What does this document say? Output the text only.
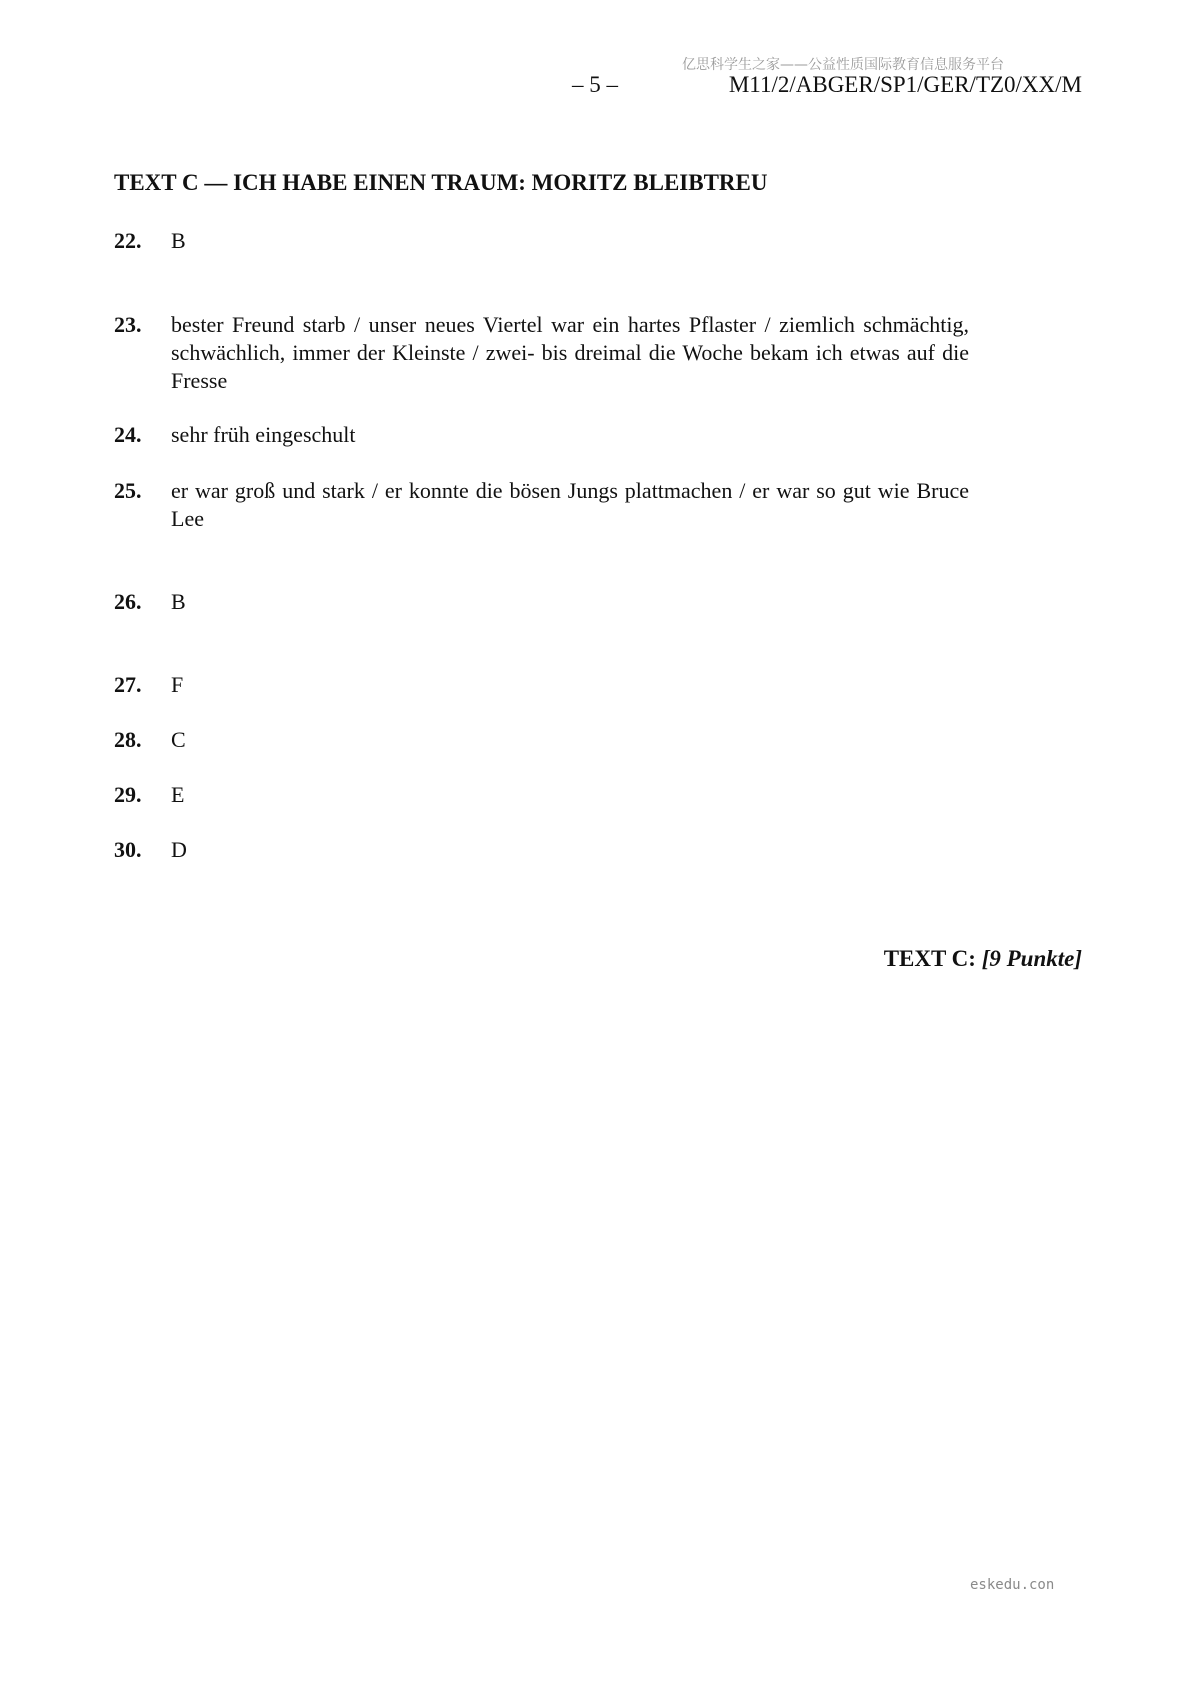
亿思科学生之家——公益性质国际教育信息服务平台
– 5 –	M11/2/ABGER/SP1/GER/TZ0/XX/M
TEXT C — ICH HABE EINEN TRAUM: MORITZ BLEIBTREU
22.	B
23.	bester Freund starb / unser neues Viertel war ein hartes Pflaster / ziemlich schmächtig, schwächlich, immer der Kleinste / zwei- bis dreimal die Woche bekam ich etwas auf die Fresse
24.	sehr früh eingeschult
25.	er war groß und stark / er konnte die bösen Jungs plattmachen / er war so gut wie Bruce Lee
26.	B
27.	F
28.	C
29.	E
30.	D
TEXT C: [9 Punkte]
eskedu.con
